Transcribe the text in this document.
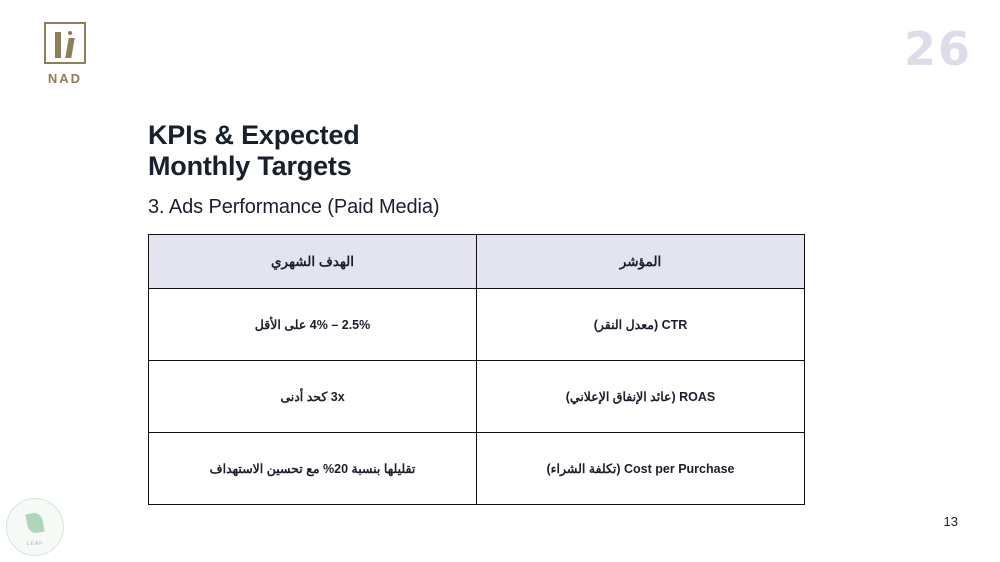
NAD
26
KPIs & Expected
Monthly Targets
3. Ads Performance (Paid Media)
الهدف الشهري	المؤشر
2.5% – 4% على الأقل	CTR (معدل النقر)
3x كحد أدنى	ROAS (عائد الإنفاق الإعلاني)
تقليلها بنسبة 20% مع تحسين الاستهداف	Cost per Purchase (تكلفة الشراء)
13
LEAF
